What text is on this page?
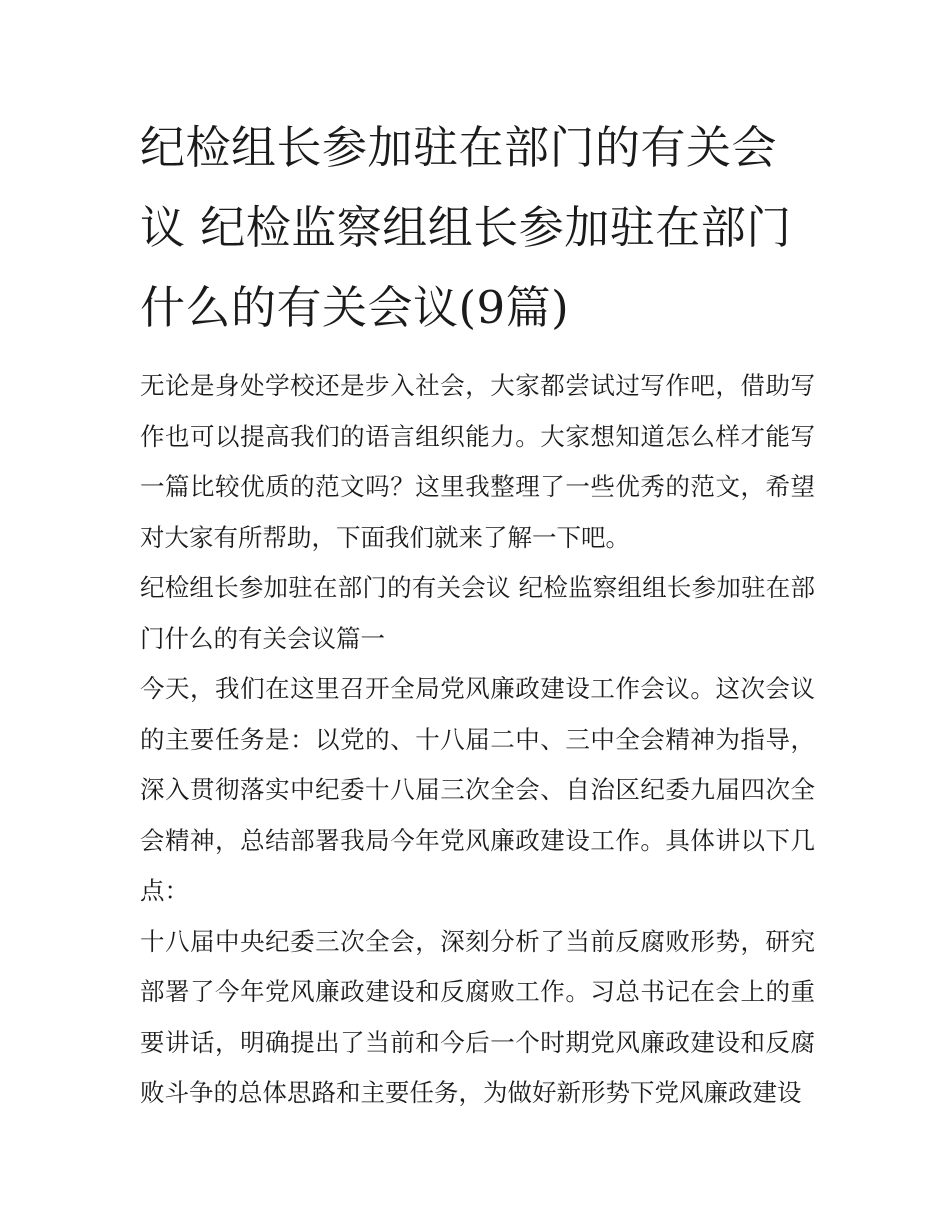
纪检组长参加驻在部门的有关会议 纪检监察组组长参加驻在部门什么的有关会议(9篇)

无论是身处学校还是步入社会，大家都尝试过写作吧，借助写作也可以提高我们的语言组织能力。大家想知道怎么样才能写一篇比较优质的范文吗？这里我整理了一些优秀的范文，希望对大家有所帮助，下面我们就来了解一下吧。

纪检组长参加驻在部门的有关会议 纪检监察组组长参加驻在部门什么的有关会议篇一

今天，我们在这里召开全局党风廉政建设工作会议。这次会议的主要任务是：以党的、十八届二中、三中全会精神为指导，深入贯彻落实中纪委十八届三次全会、自治区纪委九届四次全会精神，总结部署我局今年党风廉政建设工作。具体讲以下几点：

十八届中央纪委三次全会，深刻分析了当前反腐败形势，研究部署了今年党风廉政建设和反腐败工作。习总书记在会上的重要讲话，明确提出了当前和今后一个时期党风廉政建设和反腐败斗争的总体思路和主要任务，为做好新形势下党风廉政建设
